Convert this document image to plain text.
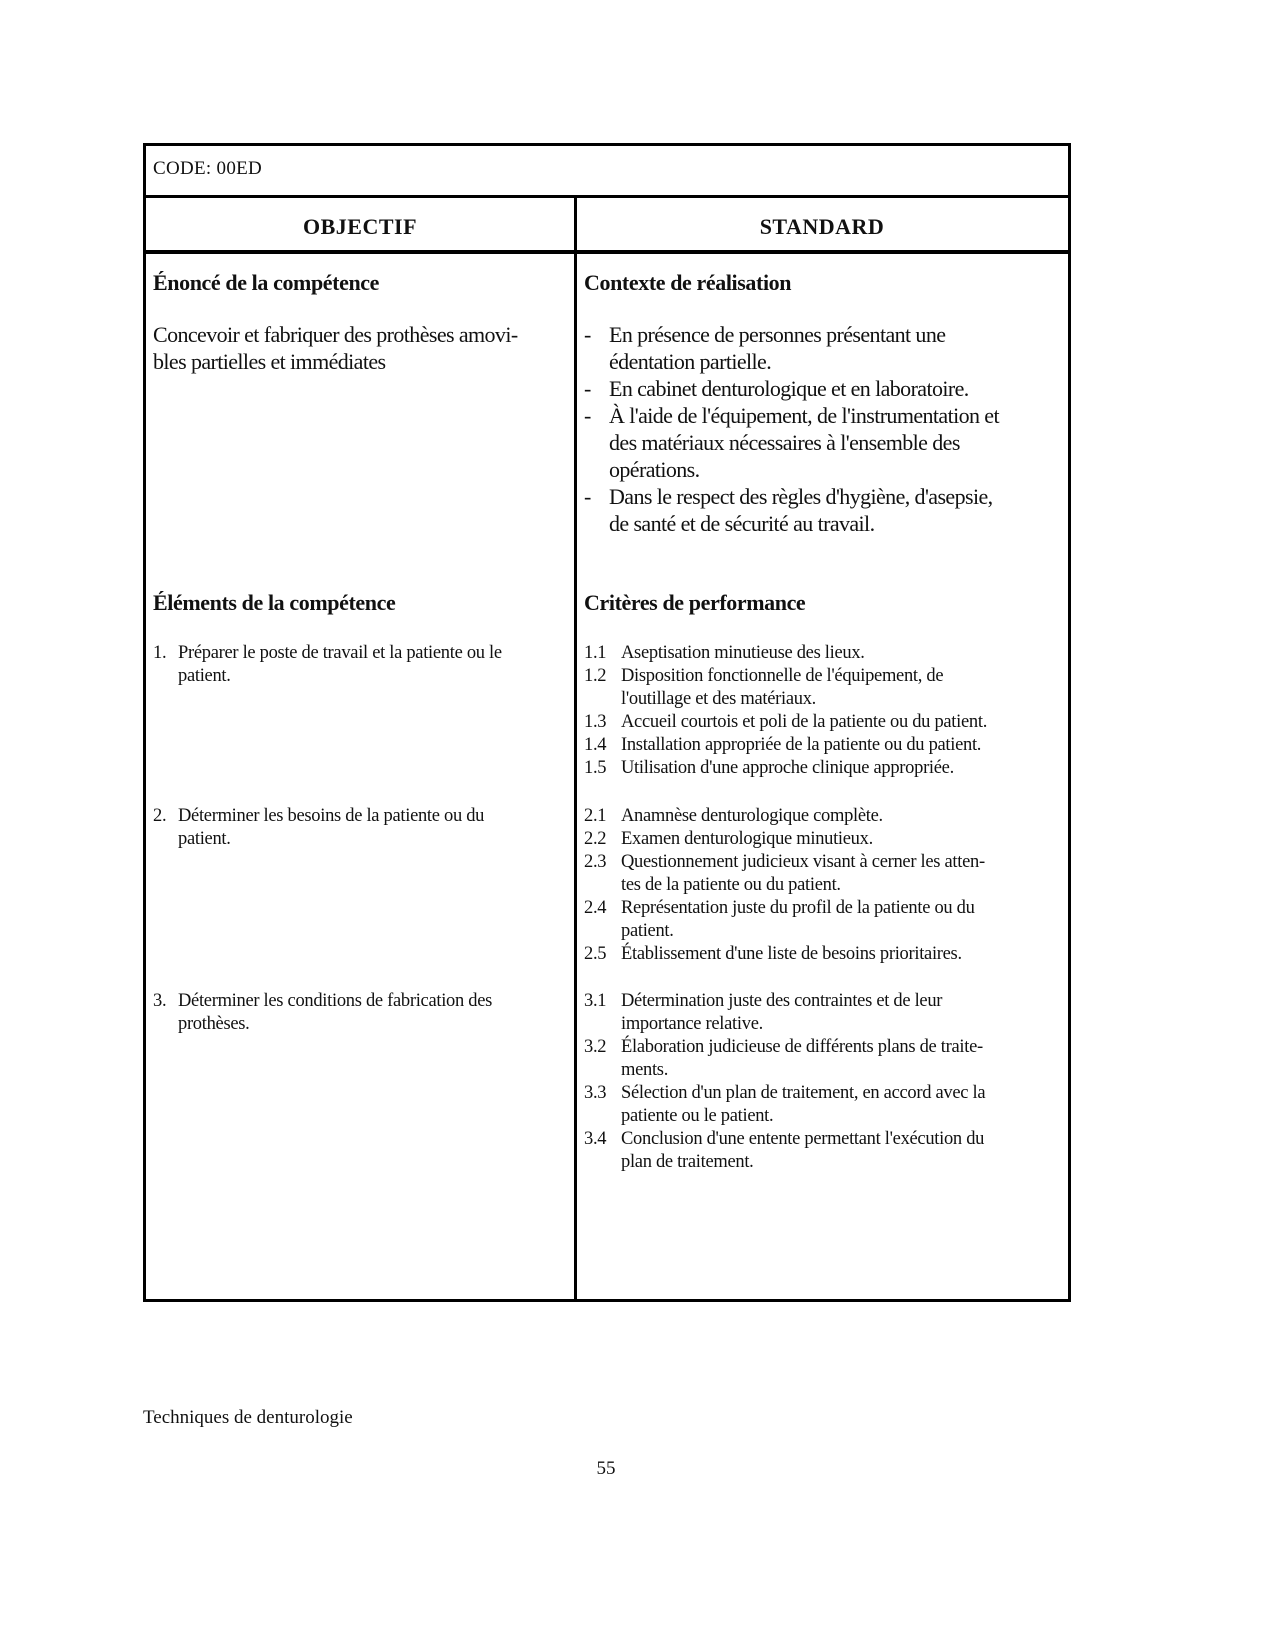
CODE: 00ED
OBJECTIF	STANDARD
Énoncé de la compétence
Concevoir et fabriquer des prothèses amovi-
bles partielles et immédiates
Contexte de réalisation
- En présence de personnes présentant une
édentation partielle.
- En cabinet denturologique et en laboratoire.
- À l'aide de l'équipement, de l'instrumentation et
des matériaux nécessaires à l'ensemble des
opérations.
- Dans le respect des règles d'hygiène, d'asepsie,
de santé et de sécurité au travail.
Éléments de la compétence
1. Préparer le poste de travail et la patiente ou le
patient.
2. Déterminer les besoins de la patiente ou du
patient.
3. Déterminer les conditions de fabrication des
prothèses.
Critères de performance
1.1 Aseptisation minutieuse des lieux.
1.2 Disposition fonctionnelle de l'équipement, de
l'outillage et des matériaux.
1.3 Accueil courtois et poli de la patiente ou du patient.
1.4 Installation appropriée de la patiente ou du patient.
1.5 Utilisation d'une approche clinique appropriée.
2.1 Anamnèse denturologique complète.
2.2 Examen denturologique minutieux.
2.3 Questionnement judicieux visant à cerner les atten-
tes de la patiente ou du patient.
2.4 Représentation juste du profil de la patiente ou du
patient.
2.5 Établissement d'une liste de besoins prioritaires.
3.1 Détermination juste des contraintes et de leur
importance relative.
3.2 Élaboration judicieuse de différents plans de traite-
ments.
3.3 Sélection d'un plan de traitement, en accord avec la
patiente ou le patient.
3.4 Conclusion d'une entente permettant l'exécution du
plan de traitement.
Techniques de denturologie
55
